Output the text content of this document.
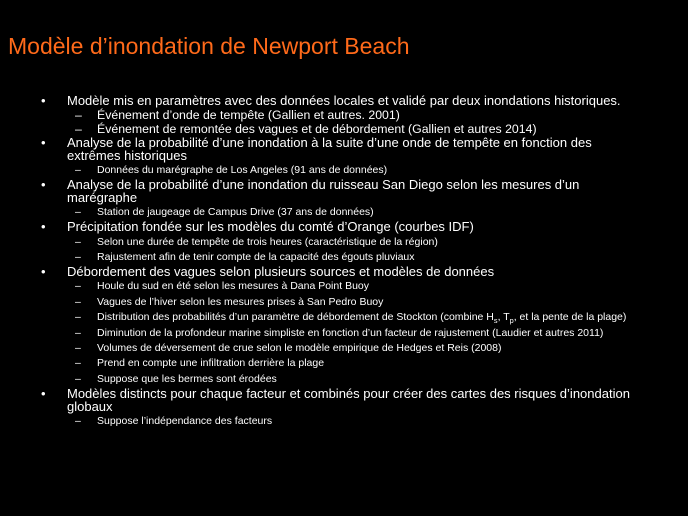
Modèle d’inondation de Newport Beach
• Modèle mis en paramètres avec des données locales et validé par deux inondations historiques.
– Événement d’onde de tempête (Gallien et autres. 2001)
– Événement de remontée des vagues et de débordement (Gallien et autres 2014)
• Analyse de la probabilité d’une inondation à la suite d’une onde de tempête en fonction des extrêmes historiques
– Données du marégraphe de Los Angeles (91 ans de données)
• Analyse de la probabilité d’une inondation du ruisseau San Diego selon les mesures d’un marégraphe
– Station de jaugeage de Campus Drive (37 ans de données)
• Précipitation fondée sur les modèles du comté d’Orange (courbes IDF)
– Selon une durée de tempête de trois heures (caractéristique de la région)
– Rajustement afin de tenir compte de la capacité des égouts pluviaux
• Débordement des vagues selon plusieurs sources et modèles de données
– Houle du sud en été selon les mesures à Dana Point Buoy
– Vagues de l’hiver selon les mesures prises à San Pedro Buoy
– Distribution des probabilités d’un paramètre de débordement de Stockton (combine $H_s$, $T_p$, et la pente de la plage)
– Diminution de la profondeur marine simpliste en fonction d’un facteur de rajustement (Laudier et autres 2011)
– Volumes de déversement de crue selon le modèle empirique de Hedges et Reis (2008)
– Prend en compte une infiltration derrière la plage
– Suppose que les bermes sont érodées
• Modèles distincts pour chaque facteur et combinés pour créer des cartes des risques d’inondation globaux
– Suppose l’indépendance des facteurs
